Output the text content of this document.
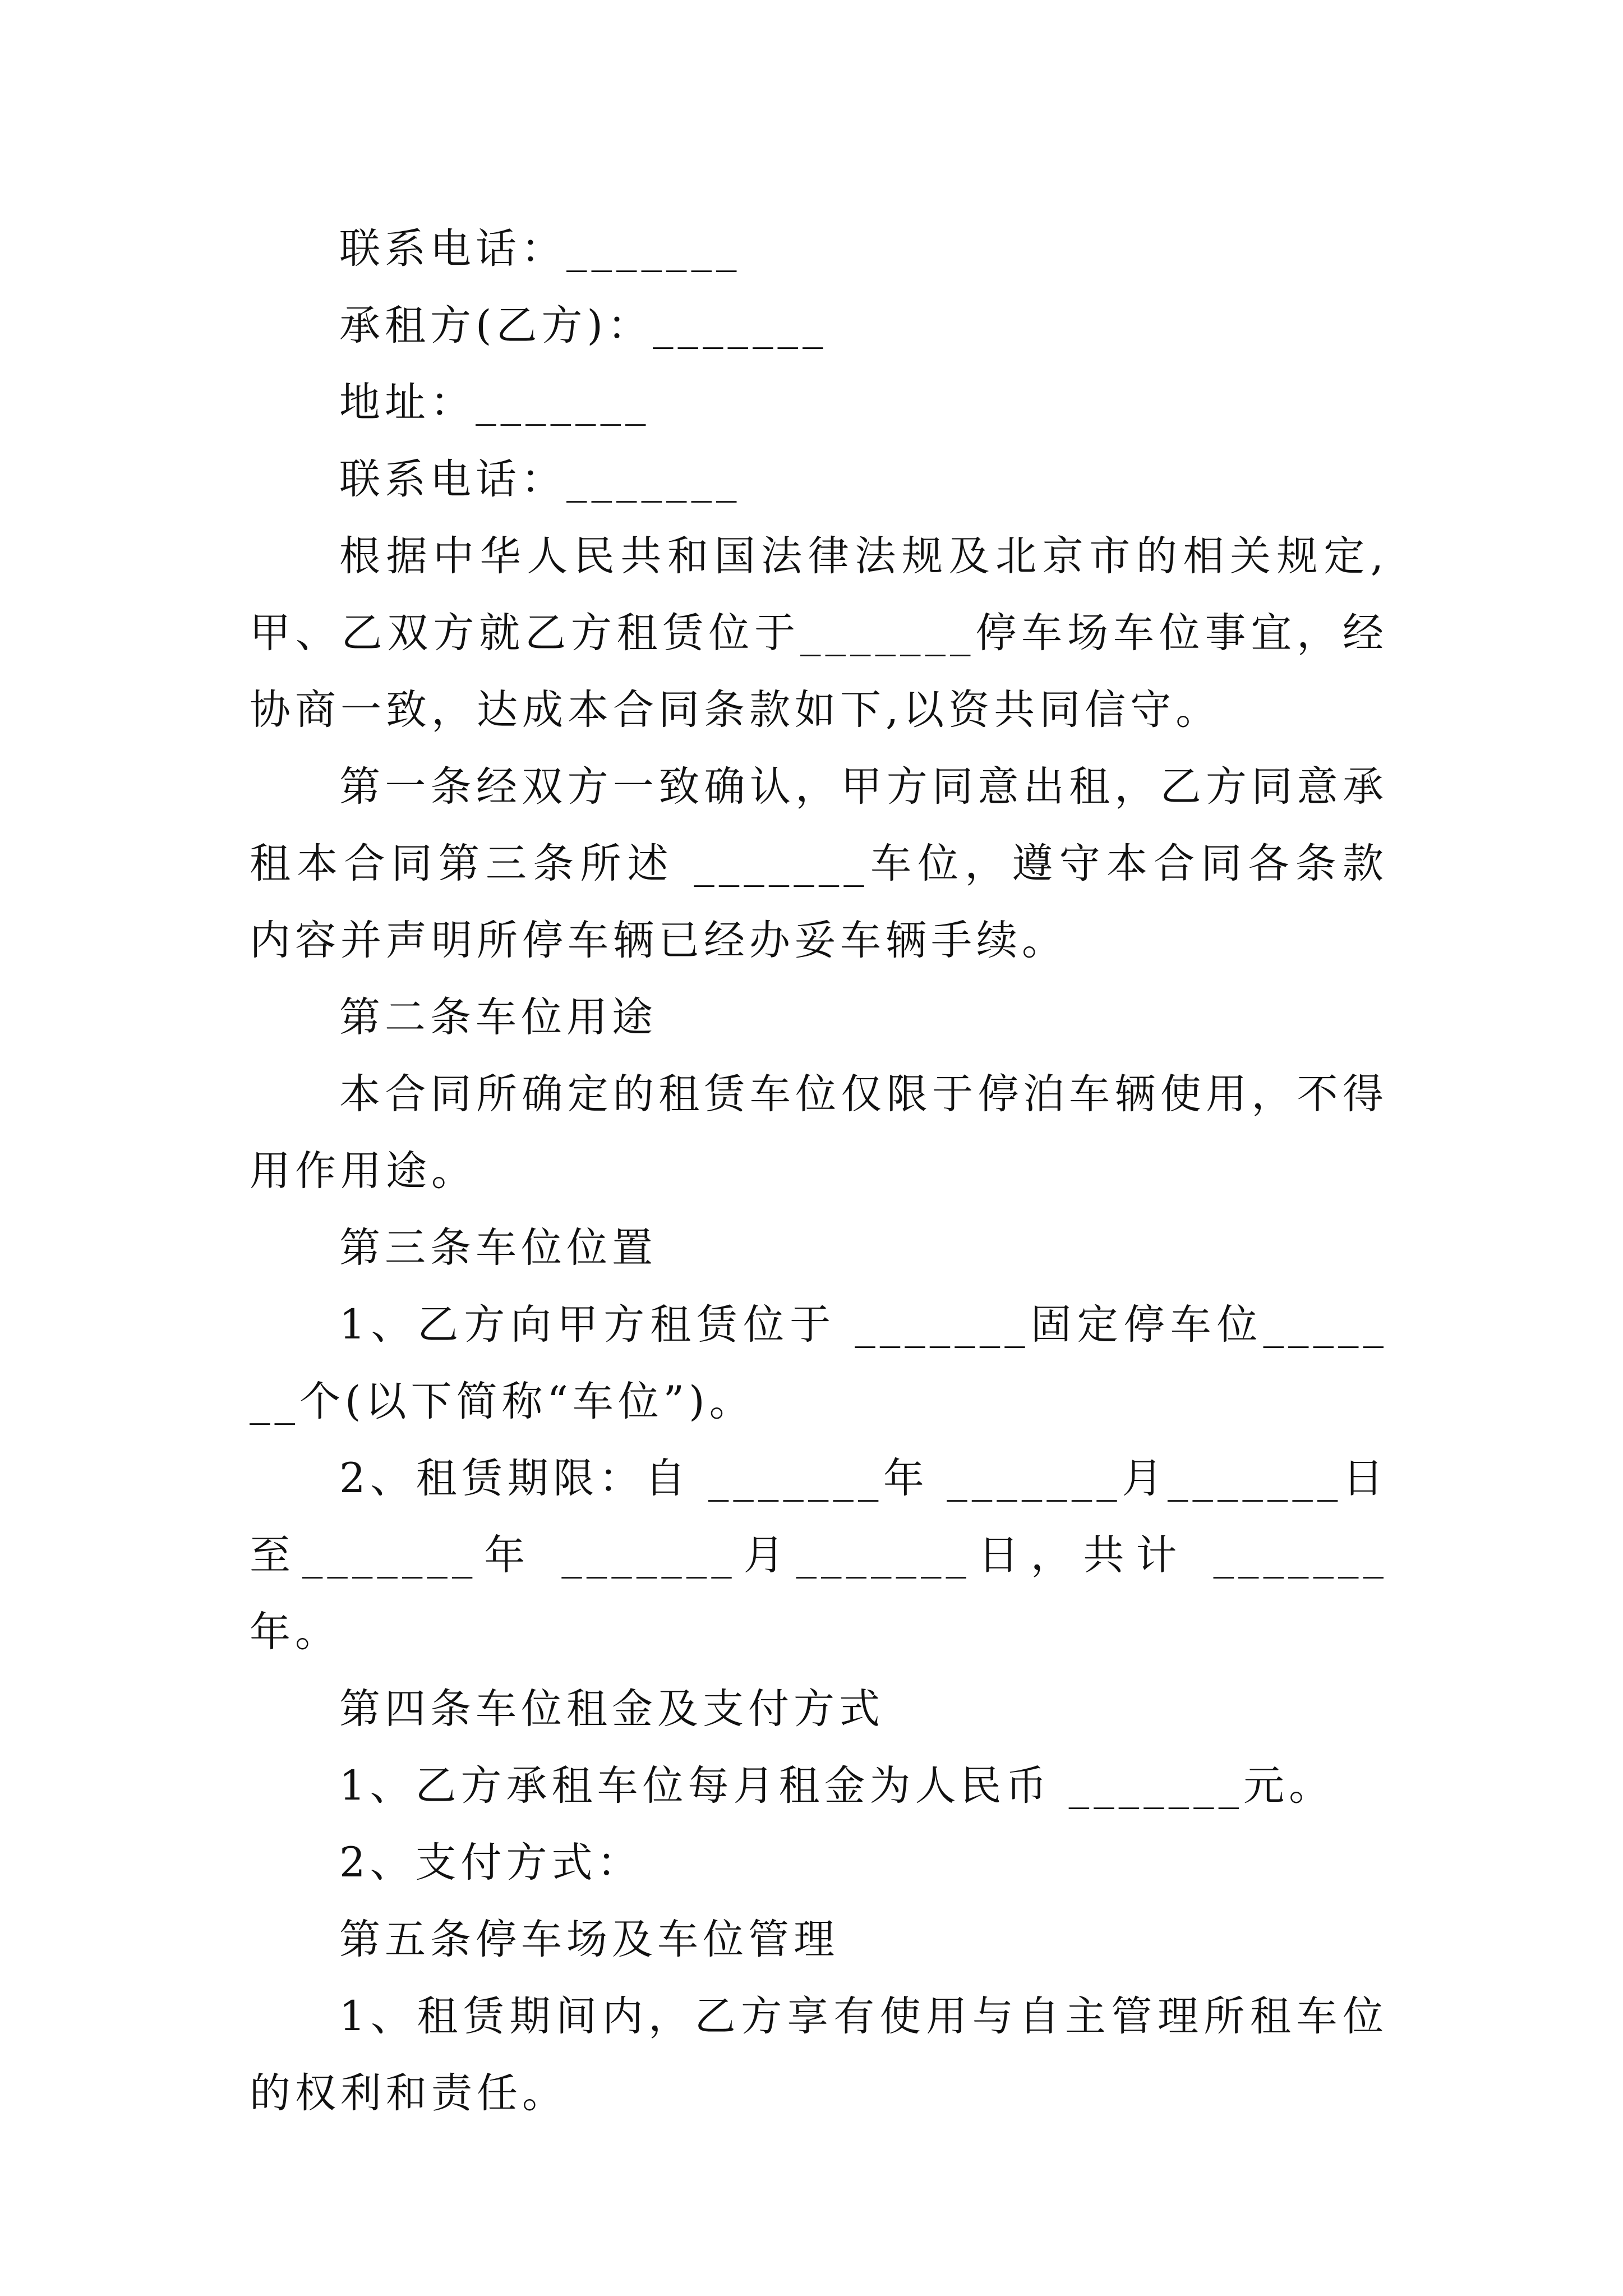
联系电话：_______

承租方(乙方)：_______

地址：_______

联系电话：_______

根据中华人民共和国法律法规及北京市的相关规定,甲、乙双方就乙方租赁位于_______停车场车位事宜，经协商一致，达成本合同条款如下,以资共同信守。

第一条经双方一致确认，甲方同意出租，乙方同意承租本合同第三条所述 _______车位，遵守本合同各条款内容并声明所停车辆已经办妥车辆手续。

第二条车位用途

本合同所确定的租赁车位仅限于停泊车辆使用，不得用作用途。

第三条车位位置

1、乙方向甲方租赁位于 _______固定停车位_______个(以下简称“车位”)。

2、租赁期限：自 _______年 _______月_______日至_______年 _______月_______日，共计 _______年。

第四条车位租金及支付方式

1、乙方承租车位每月租金为人民币 _______元。

2、支付方式：

第五条停车场及车位管理

1、租赁期间内，乙方享有使用与自主管理所租车位的权利和责任。
